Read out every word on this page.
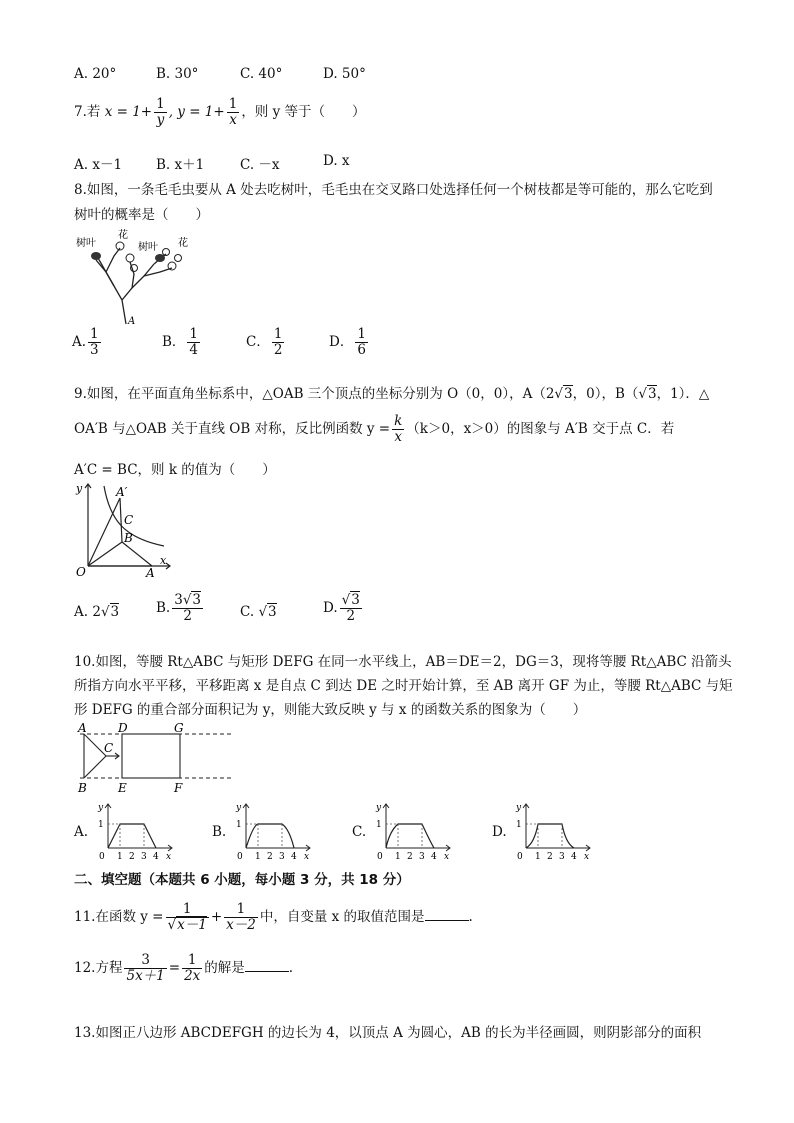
A. 20°	B. 30°	C. 40°	D. 50°
7.若 $x = 1+ \frac{1}{y}$ , $y = 1+ \frac{1}{x}$ ，则 y 等于（　　）
A. x－1	B. x＋1	C. －x	D. x
8.如图，一条毛毛虫要从 A 处去吃树叶，毛毛虫在交叉路口处选择任何一个树枝都是等可能的，那么它吃到
树叶的概率是（　　）
树叶	树叶
花
花
A
A. $\frac{1}{3}$	B． $\frac{1}{4}$	C． $\frac{1}{2}$	D． $\frac{1}{6}$
9.如图，在平面直角坐标系中，△OAB 三个顶点的坐标分别为 O（0，0），A（2√3，0），B（√3，1）．△
OA′B 与△OAB 关于直线 OB 对称，反比例函数 $y = \frac{k}{x} (k>0$，x＞0）的图象与 A′B 交于点 C．若
A′C = BC，则 k 的值为（　　）
y
x
O	A
A′
C
B
A. 2√3	B. $\frac{3√3}{2}$	C. √3	D. $\frac{√3}{2}$
10.如图，等腰 Rt△ABC 与矩形 DEFG 在同一水平线上，AB＝DE＝2，DG＝3，现将等腰 Rt△ABC 沿箭头
所指方向水平平移，平移距离 x 是自点 C 到达 DE 之时开始计算，至 AB 离开 GF 为止，等腰 Rt△ABC 与矩
形 DEFG 的重合部分面积记为 y，则能大致反映 y 与 x 的函数关系的图象为（　　）
A
B
C
D
E	F
G
A.
0 1 2 3 4
y
x
1	B.
0 1 2 3 4
y
x
1	C.
0 1 2 3 4
y
x
1	D.
0 1 2 3 4
y
x
1
二、填空题（本题共 6 小题，每小题 3 分，共 18 分）
11.在函数 $y = \frac{1}{√x-1} + \frac{1}{x-2}$ 中，自变量 x 的取值范围是	.
12.方程 $\frac{3}{5x+1} = \frac{1}{2x}$ 的解是	.
13.如图正八边形 ABCDEFGH 的边长为 4，以顶点 A 为圆心，AB 的长为半径画圆，则阴影部分的面积
